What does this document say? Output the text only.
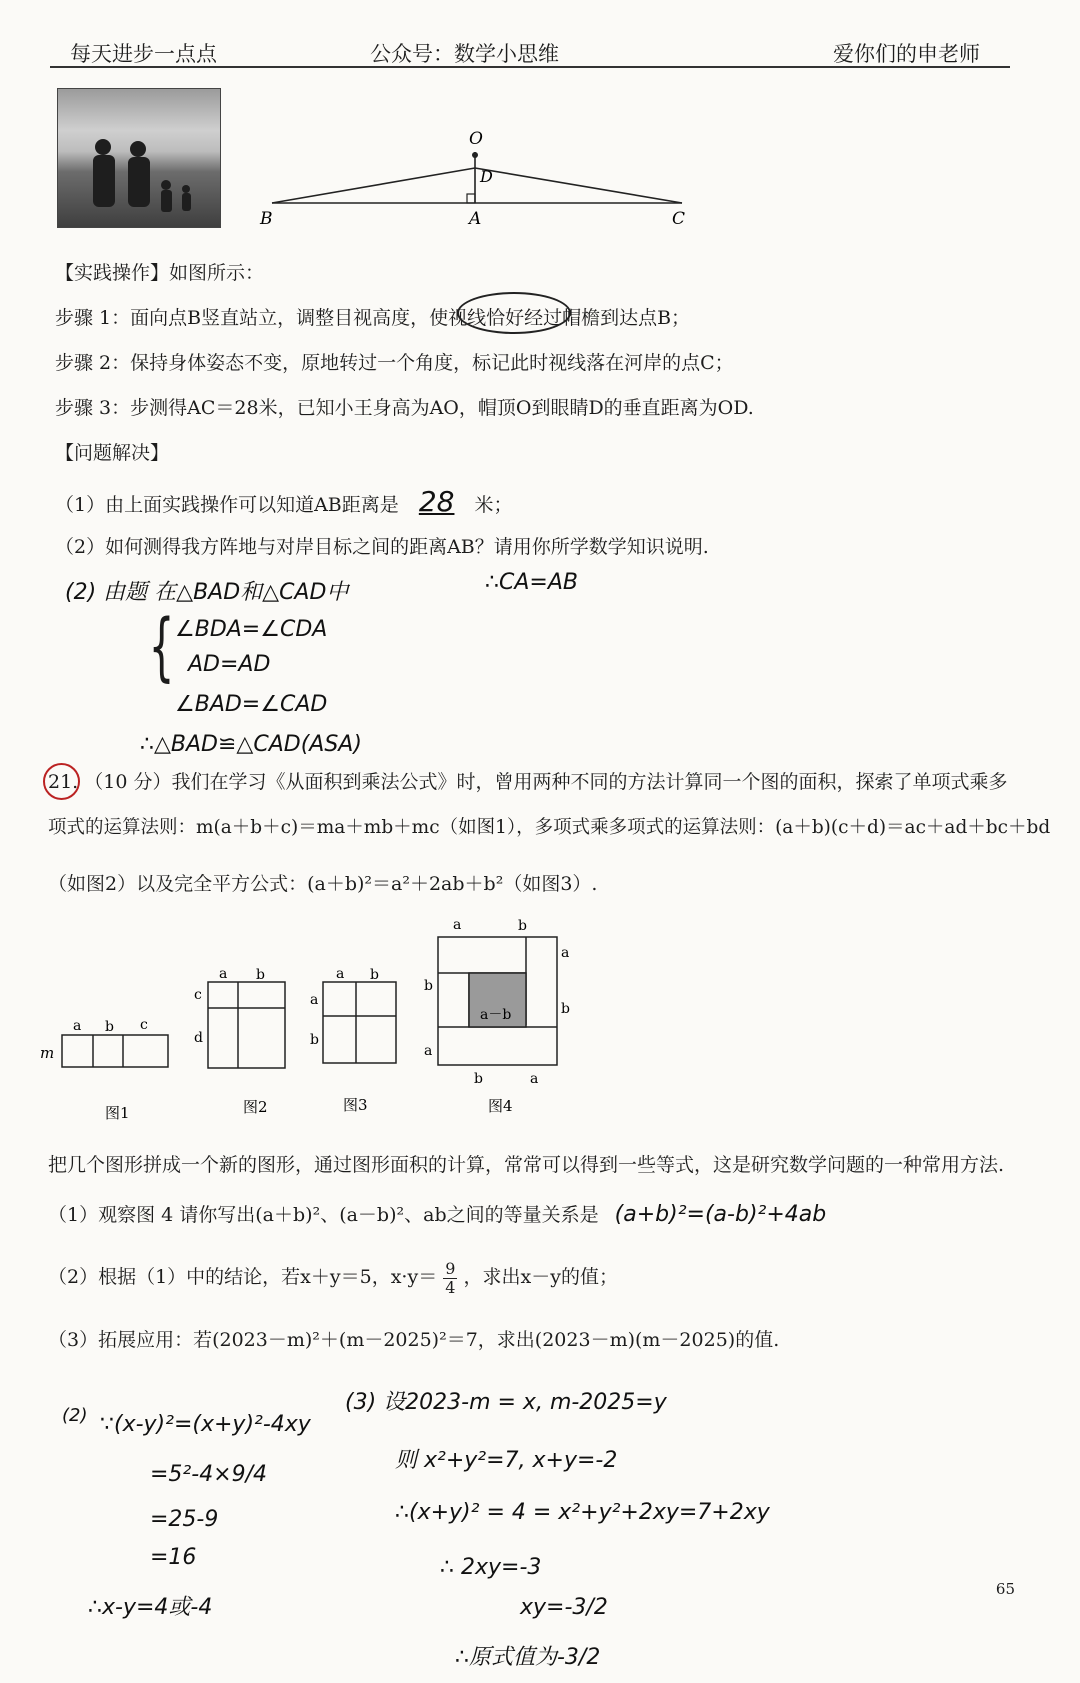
每天进步一点点	公众号：数学小思维	爱你们的申老师
O
D
B	A	C
【实践操作】如图所示：
步骤 1：面向点B竖直站立，调整目视高度，使视线恰好经过帽檐到达点B；
步骤 2：保持身体姿态不变，原地转过一个角度，标记此时视线落在河岸的点C；
步骤 3：步测得AC＝28米，已知小王身高为AO，帽顶O到眼睛D的垂直距离为OD.
【问题解决】
（1）由上面实践操作可以知道AB距离是 28 米；
（2）如何测得我方阵地与对岸目标之间的距离AB？请用你所学数学知识说明.
(2) 由题 在△BAD和△CAD中	∴CA=AB
{ ∠BDA=∠CDA
AD=AD
∠BAD=∠CAD
∴△BAD≌△CAD(ASA)
21. （10 分）我们在学习《从面积到乘法公式》时，曾用两种不同的方法计算同一个图的面积，探索了单项式乘多
项式的运算法则：m(a＋b＋c)＝ma＋mb＋mc（如图1），多项式乘多项式的运算法则：(a＋b)(c＋d)＝ac＋ad＋bc＋bd
（如图2）以及完全平方公式：(a＋b)²＝a²＋2ab＋b²（如图3）.
m
a b c
图1
a b
c
d
图2
a b
a
b
图3
a	b
a
b
b
a
b	a
a－b
图4
把几个图形拼成一个新的图形，通过图形面积的计算，常常可以得到一些等式，这是研究数学问题的一种常用方法.
（1）观察图 4 请你写出(a＋b)²、(a－b)²、ab之间的等量关系是 (a+b)²=(a-b)²+4ab
（2）根据（1）中的结论，若x＋y＝5，$x\cdot y= \frac{9}{4}$ ，求出x－y的值；
（3）拓展应用：若(2023－m)²＋(m－2025)²＝7，求出(2023－m)(m－2025)的值.
(2) ∵(x-y)²=(x+y)²-4xy
=5²-4×9/4
=25-9
=16
∴x-y=4或-4
(3) 设2023-m = x, m-2025=y
则 x²+y²=7, x+y=-2
∴(x+y)² = 4 = x²+y²+2xy=7+2xy
∴ 2xy=-3
xy=-3/2
∴原式值为-3/2
65
